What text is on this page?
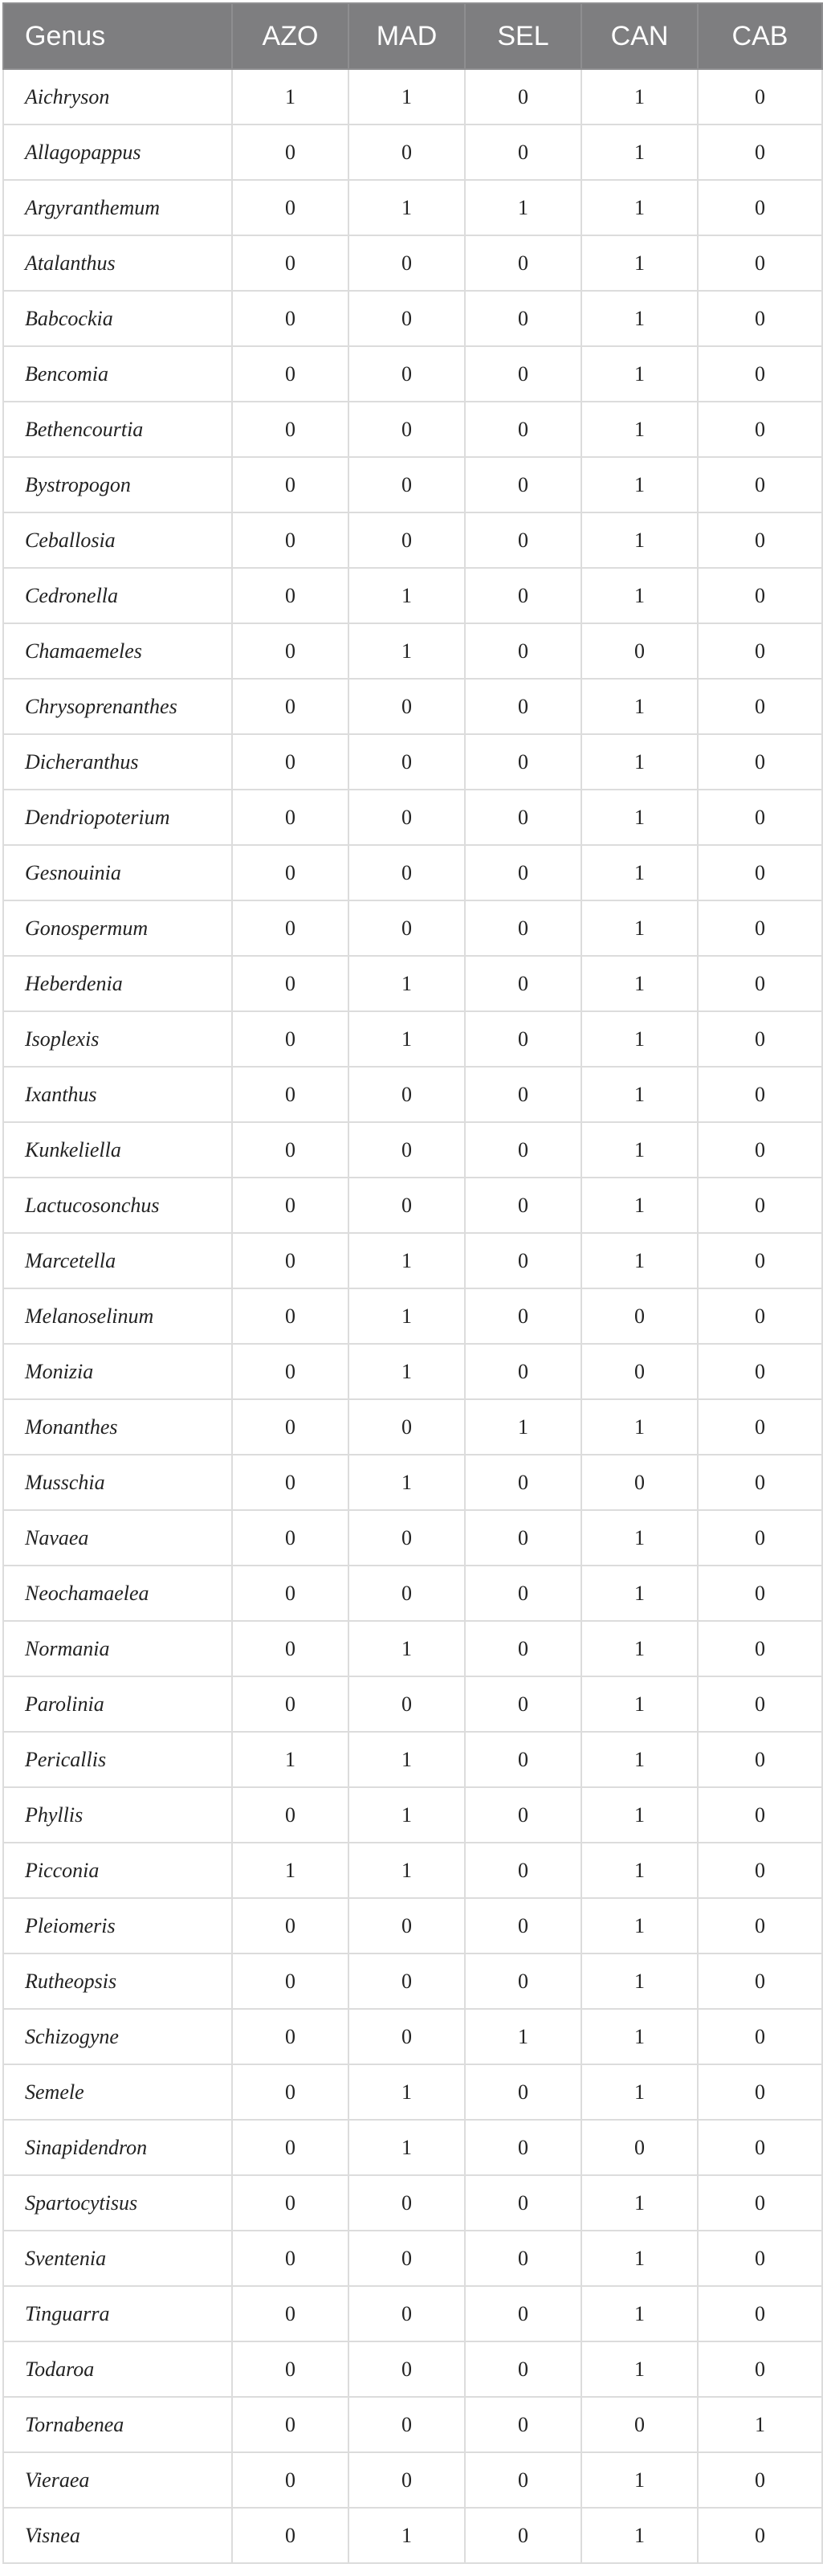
Genus	AZO	MAD	SEL	CAN	CAB
Aichryson	1	1	0	1	0
Allagopappus	0	0	0	1	0
Argyranthemum	0	1	1	1	0
Atalanthus	0	0	0	1	0
Babcockia	0	0	0	1	0
Bencomia	0	0	0	1	0
Bethencourtia	0	0	0	1	0
Bystropogon	0	0	0	1	0
Ceballosia	0	0	0	1	0
Cedronella	0	1	0	1	0
Chamaemeles	0	1	0	0	0
Chrysoprenanthes	0	0	0	1	0
Dicheranthus	0	0	0	1	0
Dendriopoterium	0	0	0	1	0
Gesnouinia	0	0	0	1	0
Gonospermum	0	0	0	1	0
Heberdenia	0	1	0	1	0
Isoplexis	0	1	0	1	0
Ixanthus	0	0	0	1	0
Kunkeliella	0	0	0	1	0
Lactucosonchus	0	0	0	1	0
Marcetella	0	1	0	1	0
Melanoselinum	0	1	0	0	0
Monizia	0	1	0	0	0
Monanthes	0	0	1	1	0
Musschia	0	1	0	0	0
Navaea	0	0	0	1	0
Neochamaelea	0	0	0	1	0
Normania	0	1	0	1	0
Parolinia	0	0	0	1	0
Pericallis	1	1	0	1	0
Phyllis	0	1	0	1	0
Picconia	1	1	0	1	0
Pleiomeris	0	0	0	1	0
Rutheopsis	0	0	0	1	0
Schizogyne	0	0	1	1	0
Semele	0	1	0	1	0
Sinapidendron	0	1	0	0	0
Spartocytisus	0	0	0	1	0
Sventenia	0	0	0	1	0
Tinguarra	0	0	0	1	0
Todaroa	0	0	0	1	0
Tornabenea	0	0	0	0	1
Vieraea	0	0	0	1	0
Visnea	0	1	0	1	0
